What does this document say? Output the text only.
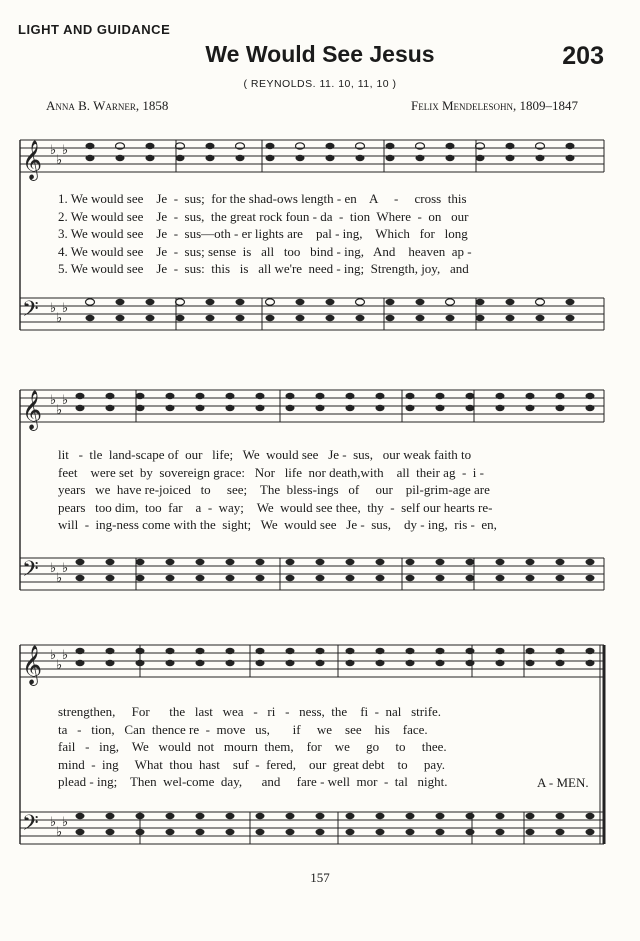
LIGHT AND GUIDANCE
We Would See Jesus	203
( REYNOLDS. 11. 10, 11, 10 )
Anna B. Warner, 1858	Felix Mendelesohn, 1809–1847
𝄞
𝄢
♭
♭
♭
♭
♭
♭
𝄞
𝄢
♭
♭
♭
♭
♭
♭
𝄞
𝄢
♭
♭
♭
♭
♭
♭
1. We would see    Je  -  sus;  for the shad-ows length - en    A     -     cross  this
2. We would see    Je  -  sus,  the great rock foun - da  -  tion  Where  -  on   our
3. We would see    Je  -  sus—oth - er lights are    pal - ing,    Which   for   long
4. We would see    Je  -  sus; sense  is   all   too   bind - ing,   And    heaven  ap -
5. We would see    Je  -  sus:  this   is   all we're  need - ing;  Strength, joy,   and
lit   -  tle  land-scape of  our   life;   We  would see   Je -  sus,   our weak faith to
feet    were set  by  sovereign grace:   Nor   life  nor death,with    all  their ag  -  i -
years   we  have re-joiced   to     see;    The  bless-ings   of     our    pil-grim-age are
pears   too dim,  too  far    a  -  way;    We  would see thee,  thy  -  self our hearts re-
will  -  ing-ness come with the  sight;   We  would see   Je -  sus,    dy - ing,  ris -  en,
strengthen,     For      the   last   wea   -   ri   -   ness,  the    fi  -  nal   strife.
ta   -   tion,   Can  thence re  -  move   us,       if     we    see    his    face.
fail   -   ing,    We   would  not   mourn  them,    for    we     go     to     thee.
mind  -  ing     What  thou  hast    suf  -  fered,    our  great debt    to     pay.
plead - ing;    Then  wel-come  day,      and     fare - well  mor  -  tal   night.	A - MEN.
157
